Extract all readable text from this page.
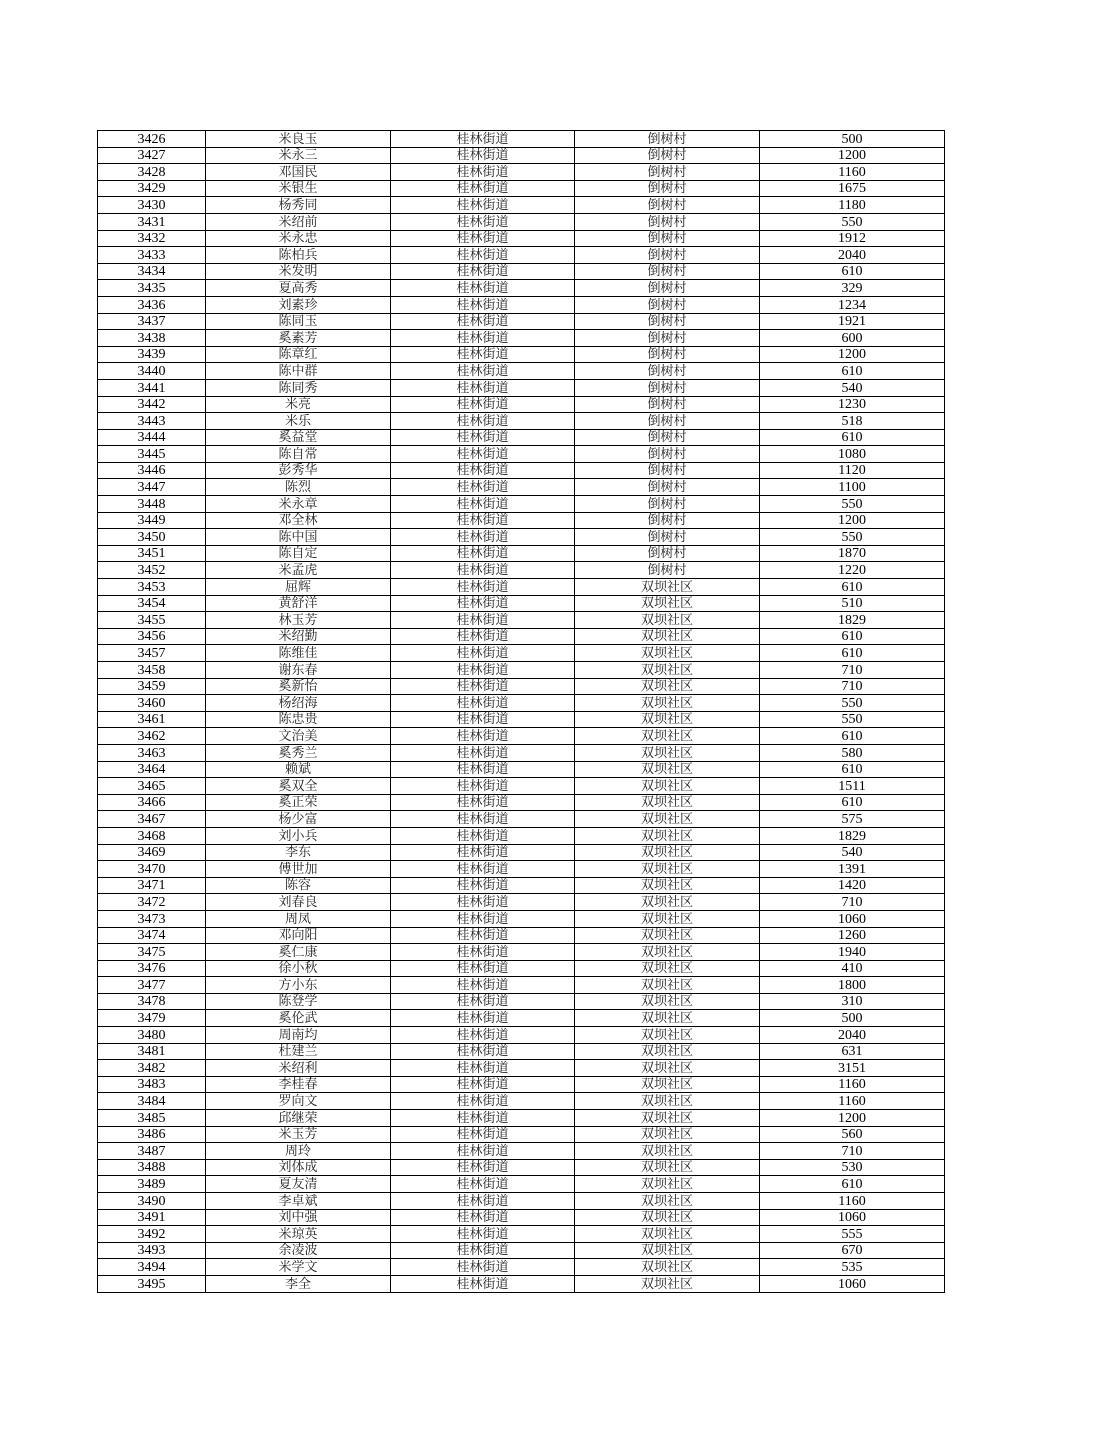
3426	米良玉	桂林街道	倒树村	500
3427	米永三	桂林街道	倒树村	1200
3428	邓国民	桂林街道	倒树村	1160
3429	米银生	桂林街道	倒树村	1675
3430	杨秀同	桂林街道	倒树村	1180
3431	米绍前	桂林街道	倒树村	550
3432	米永忠	桂林街道	倒树村	1912
3433	陈柏兵	桂林街道	倒树村	2040
3434	米发明	桂林街道	倒树村	610
3435	夏高秀	桂林街道	倒树村	329
3436	刘素珍	桂林街道	倒树村	1234
3437	陈同玉	桂林街道	倒树村	1921
3438	奚素芳	桂林街道	倒树村	600
3439	陈章红	桂林街道	倒树村	1200
3440	陈中群	桂林街道	倒树村	610
3441	陈同秀	桂林街道	倒树村	540
3442	米亮	桂林街道	倒树村	1230
3443	米乐	桂林街道	倒树村	518
3444	奚益堂	桂林街道	倒树村	610
3445	陈自常	桂林街道	倒树村	1080
3446	彭秀华	桂林街道	倒树村	1120
3447	陈烈	桂林街道	倒树村	1100
3448	米永章	桂林街道	倒树村	550
3449	邓全林	桂林街道	倒树村	1200
3450	陈中国	桂林街道	倒树村	550
3451	陈自定	桂林街道	倒树村	1870
3452	米孟虎	桂林街道	倒树村	1220
3453	屈辉	桂林街道	双坝社区	610
3454	黄舒洋	桂林街道	双坝社区	510
3455	林玉芳	桂林街道	双坝社区	1829
3456	米绍勤	桂林街道	双坝社区	610
3457	陈维佳	桂林街道	双坝社区	610
3458	谢东春	桂林街道	双坝社区	710
3459	奚新怡	桂林街道	双坝社区	710
3460	杨绍海	桂林街道	双坝社区	550
3461	陈忠贵	桂林街道	双坝社区	550
3462	文治美	桂林街道	双坝社区	610
3463	奚秀兰	桂林街道	双坝社区	580
3464	赖斌	桂林街道	双坝社区	610
3465	奚双全	桂林街道	双坝社区	1511
3466	奚正荣	桂林街道	双坝社区	610
3467	杨少富	桂林街道	双坝社区	575
3468	刘小兵	桂林街道	双坝社区	1829
3469	李东	桂林街道	双坝社区	540
3470	傅世加	桂林街道	双坝社区	1391
3471	陈容	桂林街道	双坝社区	1420
3472	刘春良	桂林街道	双坝社区	710
3473	周凤	桂林街道	双坝社区	1060
3474	邓向阳	桂林街道	双坝社区	1260
3475	奚仁康	桂林街道	双坝社区	1940
3476	徐小秋	桂林街道	双坝社区	410
3477	方小东	桂林街道	双坝社区	1800
3478	陈登学	桂林街道	双坝社区	310
3479	奚伦武	桂林街道	双坝社区	500
3480	周南均	桂林街道	双坝社区	2040
3481	杜建兰	桂林街道	双坝社区	631
3482	米绍利	桂林街道	双坝社区	3151
3483	李桂春	桂林街道	双坝社区	1160
3484	罗向文	桂林街道	双坝社区	1160
3485	邱继荣	桂林街道	双坝社区	1200
3486	米玉芳	桂林街道	双坝社区	560
3487	周玲	桂林街道	双坝社区	710
3488	刘体成	桂林街道	双坝社区	530
3489	夏友清	桂林街道	双坝社区	610
3490	李卓斌	桂林街道	双坝社区	1160
3491	刘中强	桂林街道	双坝社区	1060
3492	米琼英	桂林街道	双坝社区	555
3493	余凌波	桂林街道	双坝社区	670
3494	米学文	桂林街道	双坝社区	535
3495	李全	桂林街道	双坝社区	1060
